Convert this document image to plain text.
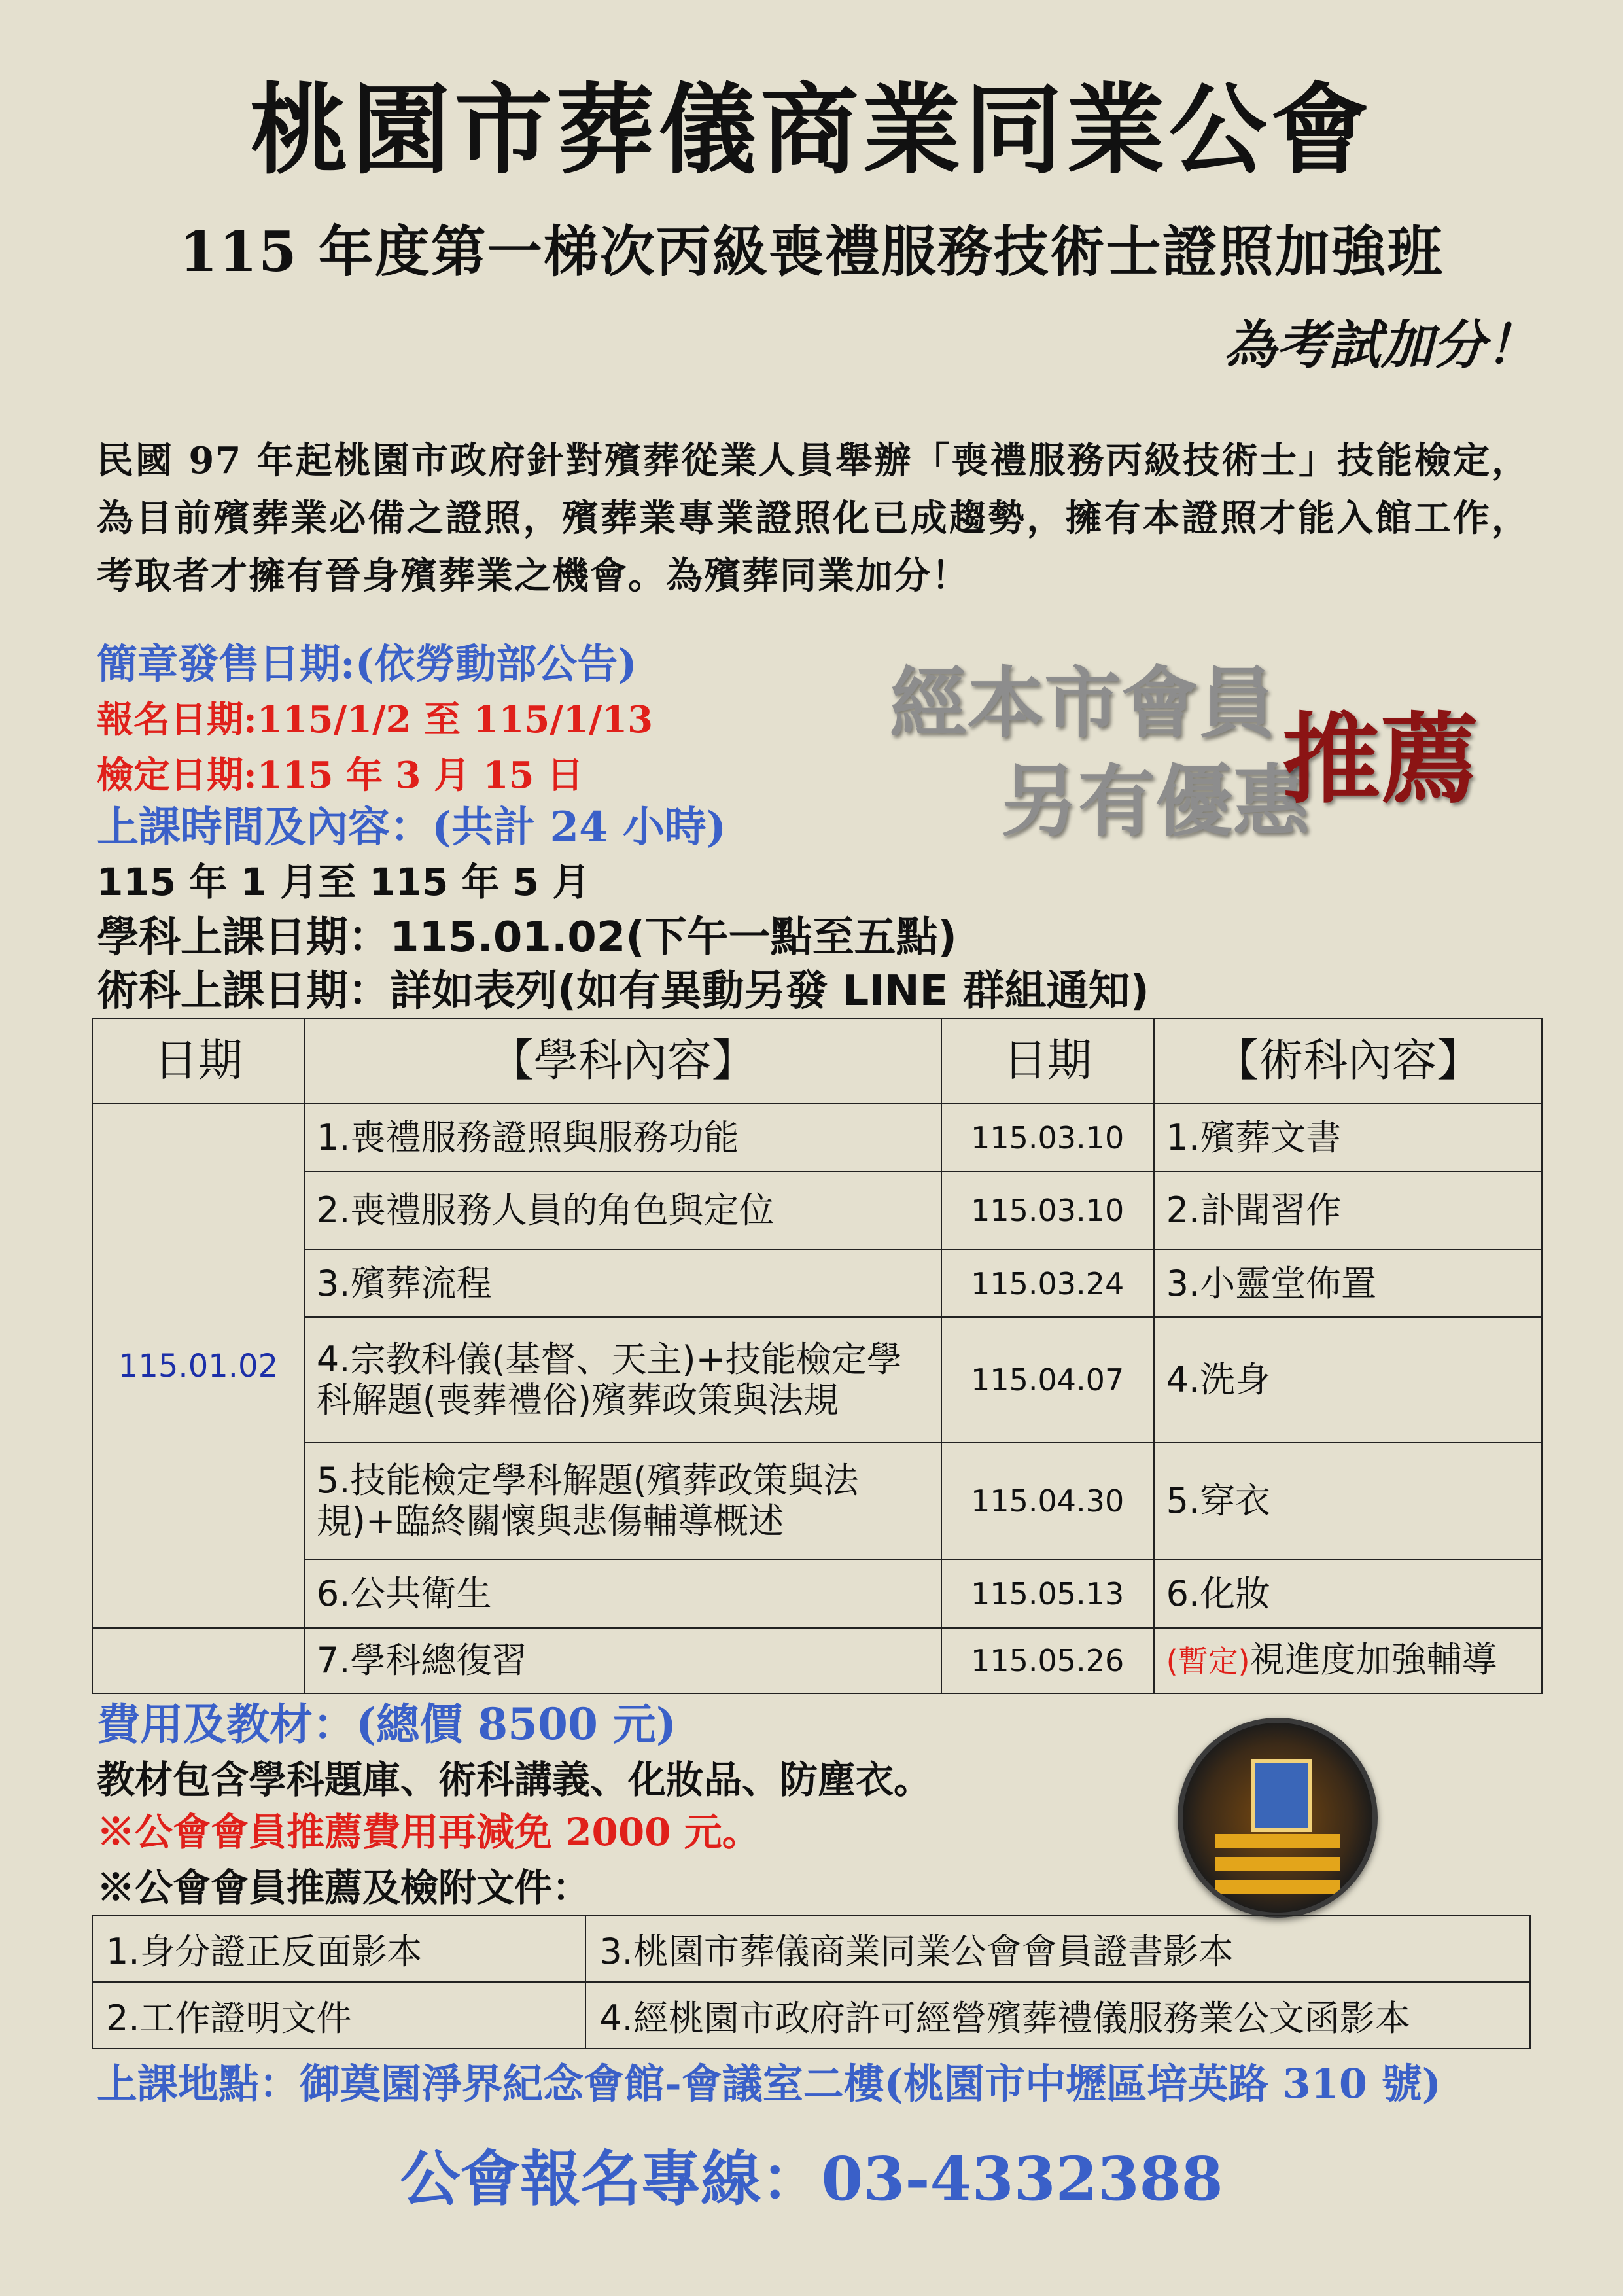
桃園市葬儀商業同業公會
115 年度第一梯次丙級喪禮服務技術士證照加強班
為考試加分！
民國 97 年起桃園市政府針對殯葬從業人員舉辦「喪禮服務丙級技術士」技能檢定，為目前殯葬業必備之證照，殯葬業專業證照化已成趨勢，擁有本證照才能入館工作，考取者才擁有晉身殯葬業之機會。為殯葬同業加分！
簡章發售日期:(依勞動部公告)
報名日期:115/1/2 至 115/1/13
檢定日期:115 年 3 月 15 日
上課時間及內容：(共計 24 小時)
115 年 1 月至 115 年 5 月
學科上課日期：115.01.02(下午一點至五點)
術科上課日期：詳如表列(如有異動另發 LINE 群組通知)
經本市會員
另有優惠
推薦
日期	【學科內容】	日期	【術科內容】
115.01.02	1.喪禮服務證照與服務功能	115.03.10	1.殯葬文書
	2.喪禮服務人員的角色與定位	115.03.10	2.訃聞習作
	3.殯葬流程	115.03.24	3.小靈堂佈置
	4.宗教科儀(基督、天主)+技能檢定學科解題(喪葬禮俗)殯葬政策與法規	115.04.07	4.洗身
	5.技能檢定學科解題(殯葬政策與法規)+臨終關懷與悲傷輔導概述	115.04.30	5.穿衣
	6.公共衛生	115.05.13	6.化妝
	7.學科總復習	115.05.26	(暫定)視進度加強輔導
費用及教材：(總價 8500 元)
教材包含學科題庫、術科講義、化妝品、防塵衣。
※公會會員推薦費用再減免 2000 元。
※公會會員推薦及檢附文件：
1.身分證正反面影本	3.桃園市葬儀商業同業公會會員證書影本
2.工作證明文件	4.經桃園市政府許可經營殯葬禮儀服務業公文函影本
上課地點：御奠園淨界紀念會館-會議室二樓(桃園市中壢區培英路 310 號)
公會報名專線：03-4332388
